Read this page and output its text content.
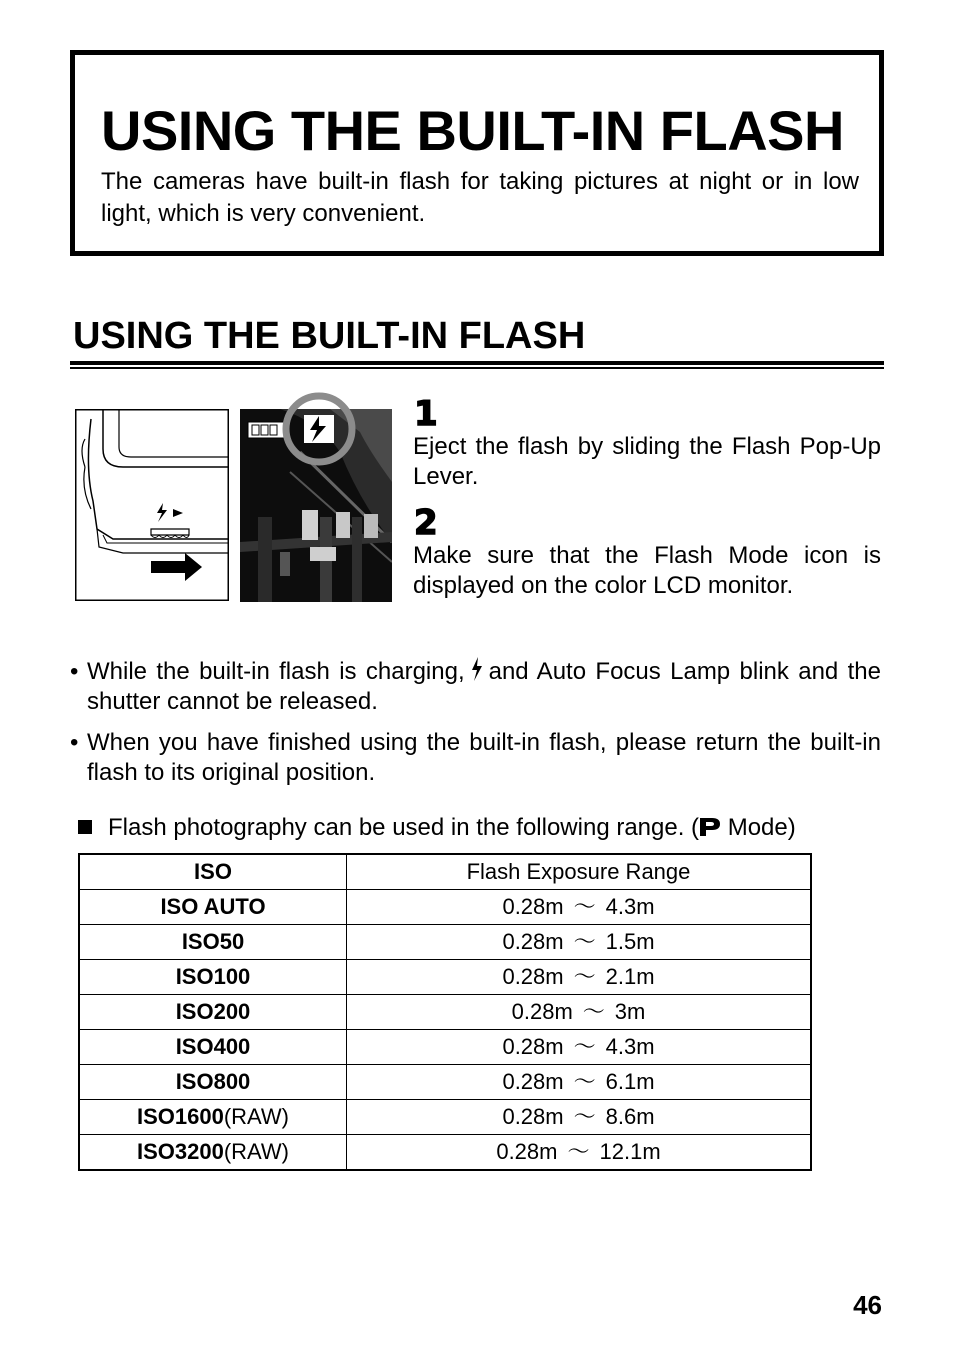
USING THE BUILT-IN FLASH

The cameras have built-in flash for taking pictures at night or in low light, which is very convenient.

USING THE BUILT-IN FLASH
1

Eject the flash by sliding the Flash Pop-Up Lever.

2

Make sure that the Flash Mode icon is displayed on the color LCD monitor.

• While the built-in flash is charging, and Auto Focus Lamp blink and the shutter cannot be released.
• When you have finished using the built-in flash, please return the built-in flash to its original position.

Flash photography can be used in the following range. ( Mode)

ISO	Flash Exposure Range
ISO AUTO	0.28m ～ 4.3m
ISO50	0.28m ～ 1.5m
ISO100	0.28m ～ 2.1m
ISO200	0.28m ～ 3m
ISO400	0.28m ～ 4.3m
ISO800	0.28m ～ 6.1m
ISO1600(RAW)	0.28m ～ 8.6m
ISO3200(RAW)	0.28m ～ 12.1m
46
